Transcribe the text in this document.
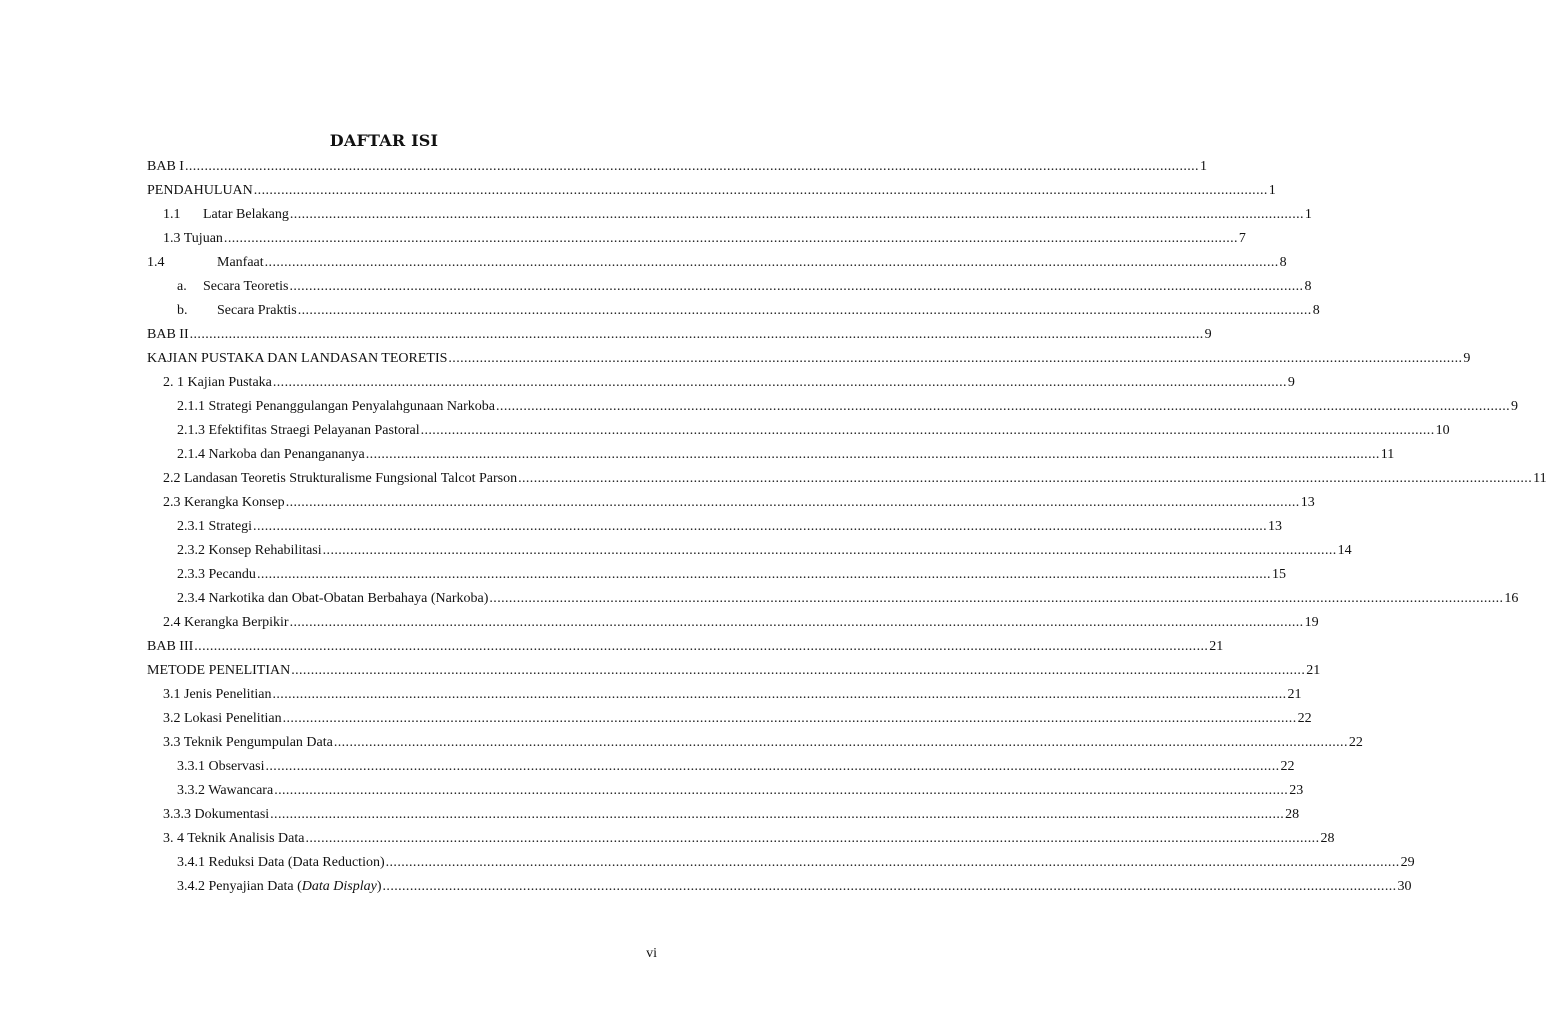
DAFTAR ISI
BAB I .................................................................................................................................................................................................................................................................... 1
PENDAHULUAN .................................................................................................................................................................................................................................................................... 1
1.1 Latar Belakang .................................................................................................................................................................................................................................................................... 1
1.3 Tujuan .................................................................................................................................................................................................................................................................... 7
1.4	Manfaat .................................................................................................................................................................................................................................................................... 8
a. Secara Teoretis .................................................................................................................................................................................................................................................................... 8
b. Secara Praktis .................................................................................................................................................................................................................................................................... 8
BAB II .................................................................................................................................................................................................................................................................... 9
KAJIAN PUSTAKA DAN LANDASAN TEORETIS .................................................................................................................................................................................................................................................................... 9
2. 1 Kajian Pustaka .................................................................................................................................................................................................................................................................... 9
2.1.1 Strategi Penanggulangan Penyalahgunaan Narkoba .................................................................................................................................................................................................................................................................... 9
2.1.3 Efektifitas Straegi Pelayanan Pastoral .................................................................................................................................................................................................................................................................... 10
2.1.4 Narkoba dan Penangananya .................................................................................................................................................................................................................................................................... 11
2.2 Landasan Teoretis Strukturalisme Fungsional Talcot Parson .................................................................................................................................................................................................................................................................... 11
2.3 Kerangka Konsep .................................................................................................................................................................................................................................................................... 13
2.3.1 Strategi .................................................................................................................................................................................................................................................................... 13
2.3.2 Konsep Rehabilitasi .................................................................................................................................................................................................................................................................... 14
2.3.3 Pecandu .................................................................................................................................................................................................................................................................... 15
2.3.4 Narkotika dan Obat-Obatan Berbahaya (Narkoba) .................................................................................................................................................................................................................................................................... 16
2.4 Kerangka Berpikir .................................................................................................................................................................................................................................................................... 19
BAB III .................................................................................................................................................................................................................................................................... 21
METODE PENELITIAN .................................................................................................................................................................................................................................................................... 21
3.1 Jenis Penelitian .................................................................................................................................................................................................................................................................... 21
3.2 Lokasi Penelitian .................................................................................................................................................................................................................................................................... 22
3.3 Teknik Pengumpulan Data .................................................................................................................................................................................................................................................................... 22
3.3.1 Observasi .................................................................................................................................................................................................................................................................... 22
3.3.2 Wawancara .................................................................................................................................................................................................................................................................... 23
3.3.3 Dokumentasi .................................................................................................................................................................................................................................................................... 28
3. 4 Teknik Analisis Data .................................................................................................................................................................................................................................................................... 28
3.4.1 Reduksi Data (Data Reduction) .................................................................................................................................................................................................................................................................... 29
3.4.2 Penyajian Data (Data Display) .................................................................................................................................................................................................................................................................... 30
vi
